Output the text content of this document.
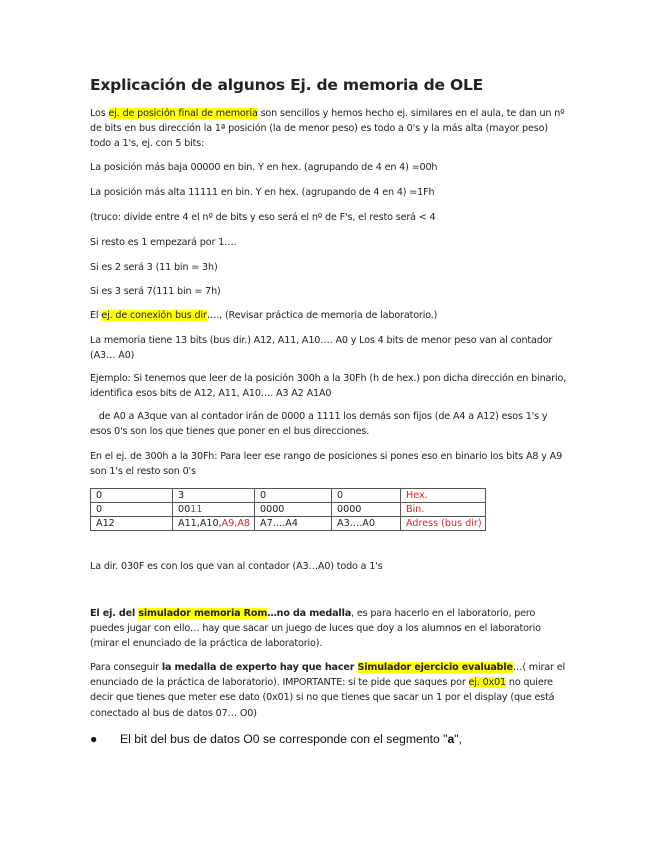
Explicación de algunos Ej. de memoria de OLE
Los ej. de posición final de memoria son sencillos y hemos hecho ej. similares en el aula, te dan un nº de bits en bus dirección la 1ª posición (la de menor peso) es todo a 0's y la más alta (mayor peso) todo a 1's, ej. con 5 bits:
La posición más baja 00000 en bin. Y en hex. (agrupando de 4 en 4) =00h
La posición más alta 11111 en bin. Y en hex. (agrupando de 4 en 4) =1Fh
(truco: divide entre 4 el nº de bits y eso será el nº de F's, el resto será < 4
Si resto es 1 empezará por 1….
Si es 2 será 3 (11 bin = 3h)
Si es 3 será 7(111 bin = 7h)
El ej. de conexión bus dir…., (Revisar práctica de memoria de laboratorio.)
La memoria tiene 13 bits (bus dir.) A12, A11, A10…. A0 y Los 4 bits de menor peso van al contador (A3… A0)
Ejemplo: Si tenemos que leer de la posición 300h a la 30Fh (h de hex.) pon dicha dirección en binario, identifica esos bits de A12, A11, A10…. A3 A2 A1A0
de A0 a A3que van al contador irán de 0000 a 1111 los demás son fijos (de A4 a A12) esos 1's y esos 0's son los que tienes que poner en el bus direcciones.
En el ej. de 300h a la 30Fh: Para leer ese rango de posiciones si pones eso en binario los bits A8 y A9 son 1's el resto son 0's
0	3	0	0	Hex.
0	0011	0000	0000	Bin.
A12	A11,A10,A9,A8	A7….A4	A3….A0	Adress (bus dir)
La dir. 030F es con los que van al contador (A3…A0) todo a 1's
El ej. del simulador memoria Rom…no da medalla, es para hacerlo en el laboratorio, pero puedes jugar con ello… hay que sacar un juego de luces que doy a los alumnos en el laboratorio (mirar el enunciado de la práctica de laboratorio).
Para conseguir la medalla de experto hay que hacer Simulador ejercicio evaluable…( mirar el enunciado de la práctica de laboratorio). IMPORTANTE: si te pide que saques por ej. 0x01 no quiere decir que tienes que meter ese dato (0x01) si no que tienes que sacar un 1 por el display (que está conectado al bus de datos 07… O0)
● El bit del bus de datos O0 se corresponde con el segmento "a",
